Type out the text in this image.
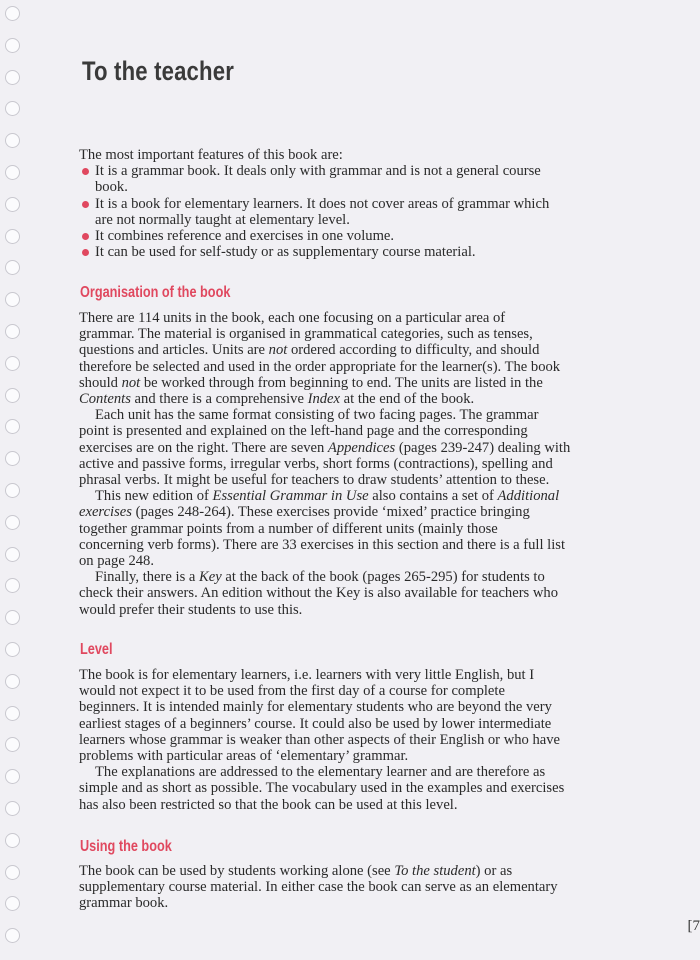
To the teacher
The most important features of this book are:
It is a grammar book. It deals only with grammar and is not a general course
book.
It is a book for elementary learners. It does not cover areas of grammar which
are not normally taught at elementary level.
It combines reference and exercises in one volume.
It can be used for self-study or as supplementary course material.
Organisation of the book
There are 114 units in the book, each one focusing on a particular area of
grammar. The material is organised in grammatical categories, such as tenses,
questions and articles. Units are not ordered according to difficulty, and should
therefore be selected and used in the order appropriate for the learner(s). The book
should not be worked through from beginning to end. The units are listed in the
Contents and there is a comprehensive Index at the end of the book.
Each unit has the same format consisting of two facing pages. The grammar
point is presented and explained on the left-hand page and the corresponding
exercises are on the right. There are seven Appendices (pages 239-247) dealing with
active and passive forms, irregular verbs, short forms (contractions), spelling and
phrasal verbs. It might be useful for teachers to draw students’ attention to these.
This new edition of Essential Grammar in Use also contains a set of Additional
exercises (pages 248-264). These exercises provide ‘mixed’ practice bringing
together grammar points from a number of different units (mainly those
concerning verb forms). There are 33 exercises in this section and there is a full list
on page 248.
Finally, there is a Key at the back of the book (pages 265-295) for students to
check their answers. An edition without the Key is also available for teachers who
would prefer their students to use this.
Level
The book is for elementary learners, i.e. learners with very little English, but I
would not expect it to be used from the first day of a course for complete
beginners. It is intended mainly for elementary students who are beyond the very
earliest stages of a beginners’ course. It could also be used by lower intermediate
learners whose grammar is weaker than other aspects of their English or who have
problems with particular areas of ‘elementary’ grammar.
The explanations are addressed to the elementary learner and are therefore as
simple and as short as possible. The vocabulary used in the examples and exercises
has also been restricted so that the book can be used at this level.
Using the book
The book can be used by students working alone (see To the student) or as
supplementary course material. In either case the book can serve as an elementary
grammar book.
[7
